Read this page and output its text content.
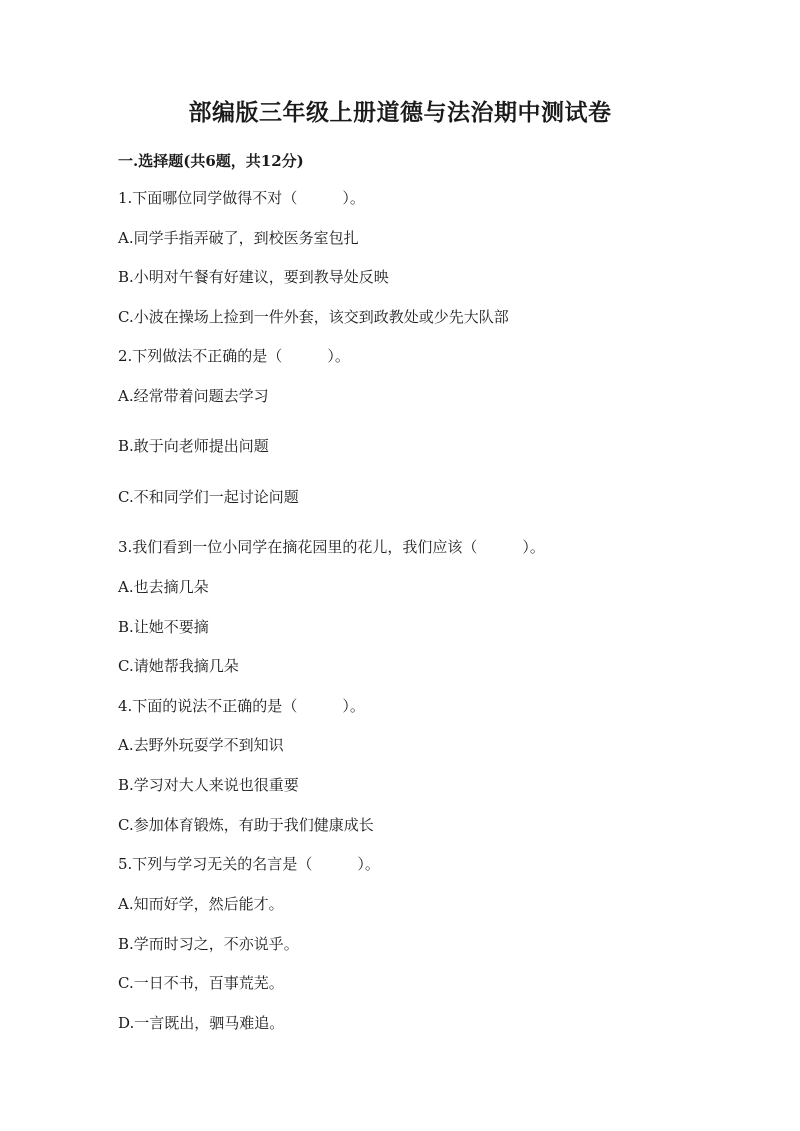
部编版三年级上册道德与法治期中测试卷
一.选择题(共6题，共12分)

1.下面哪位同学做得不对（　　　）。

A.同学手指弄破了，到校医务室包扎

B.小明对午餐有好建议，要到教导处反映

C.小波在操场上捡到一件外套，该交到政教处或少先大队部

2.下列做法不正确的是（　　　）。

A.经常带着问题去学习

B.敢于向老师提出问题

C.不和同学们一起讨论问题

3.我们看到一位小同学在摘花园里的花儿，我们应该（　　　）。

A.也去摘几朵

B.让她不要摘

C.请她帮我摘几朵

4.下面的说法不正确的是（　　　）。

A.去野外玩耍学不到知识

B.学习对大人来说也很重要

C.参加体育锻炼，有助于我们健康成长

5.下列与学习无关的名言是（　　　）。

A.知而好学，然后能才。

B.学而时习之，不亦说乎。

C.一日不书，百事荒芜。

D.一言既出，驷马难追。
